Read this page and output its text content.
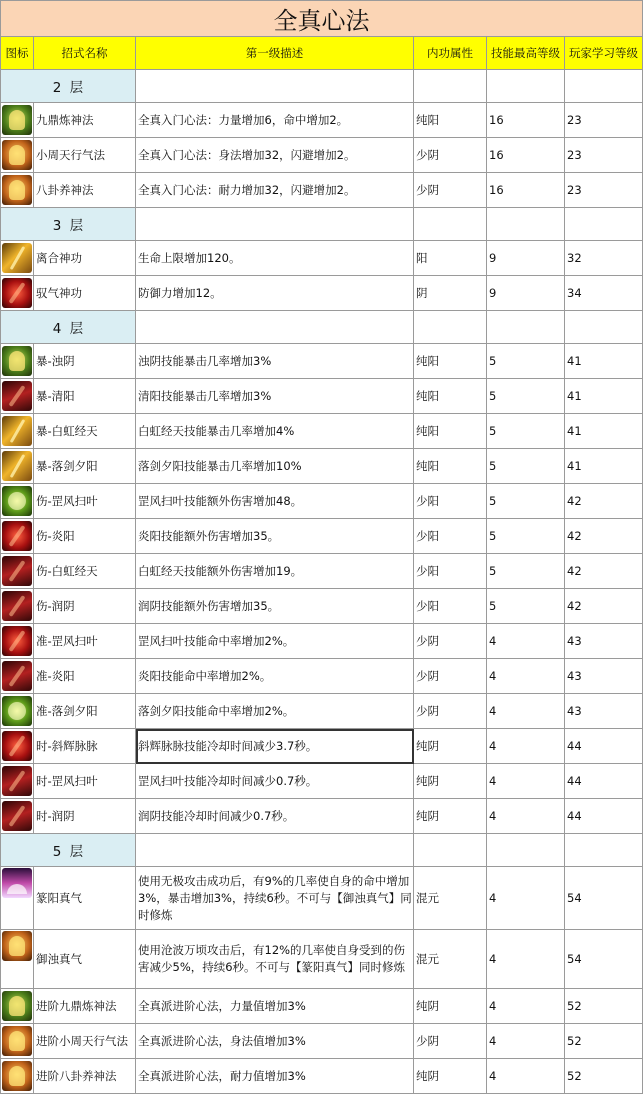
全真心法					
图标	招式名称	第一级描述	内功属性	技能最高等级	玩家学习等级
2 层					

	九鼎炼神法	全真入门心法：力量增加6，命中增加2。	纯阳	16	23

	小周天行气法	全真入门心法：身法增加32，闪避增加2。	少阴	16	23

	八卦养神法	全真入门心法：耐力增加32，闪避增加2。	少阴	16	23
3 层					

	离合神功	生命上限增加120。	阳	9	32

	驭气神功	防御力增加12。	阴	9	34
4 层					

	暴-浊阴	浊阴技能暴击几率增加3%	纯阳	5	41

	暴-清阳	清阳技能暴击几率增加3%	纯阳	5	41

	暴-白虹经天	白虹经天技能暴击几率增加4%	纯阳	5	41

	暴-落剑夕阳	落剑夕阳技能暴击几率增加10%	纯阳	5	41

	伤-罡风扫叶	罡风扫叶技能额外伤害增加48。	少阳	5	42

	伤-炎阳	炎阳技能额外伤害增加35。	少阳	5	42

	伤-白虹经天	白虹经天技能额外伤害增加19。	少阳	5	42

	伤-润阴	润阴技能额外伤害增加35。	少阳	5	42

	准-罡风扫叶	罡风扫叶技能命中率增加2%。	少阴	4	43

	准-炎阳	炎阳技能命中率增加2%。	少阴	4	43

	准-落剑夕阳	落剑夕阳技能命中率增加2%。	少阴	4	43

	时-斜辉脉脉	斜辉脉脉技能冷却时间减少3.7秒。	纯阴	4	44

	时-罡风扫叶	罡风扫叶技能冷却时间减少0.7秒。	纯阴	4	44

	时-润阴	润阴技能冷却时间减少0.7秒。	纯阴	4	44
5 层					

	篆阳真气	使用无极攻击成功后，有9%的几率使自身的命中增加3%，暴击增加3%，持续6秒。不可与【御浊真气】同时修炼	混元	4	54

	御浊真气	使用沧波万顷攻击后，有12%的几率使自身受到的伤害减少5%，持续6秒。不可与【篆阳真气】同时修炼	混元	4	54

	进阶九鼎炼神法	全真派进阶心法，力量值增加3%	纯阴	4	52

	进阶小周天行气法	全真派进阶心法，身法值增加3%	少阴	4	52

	进阶八卦养神法	全真派进阶心法，耐力值增加3%	纯阴	4	52
